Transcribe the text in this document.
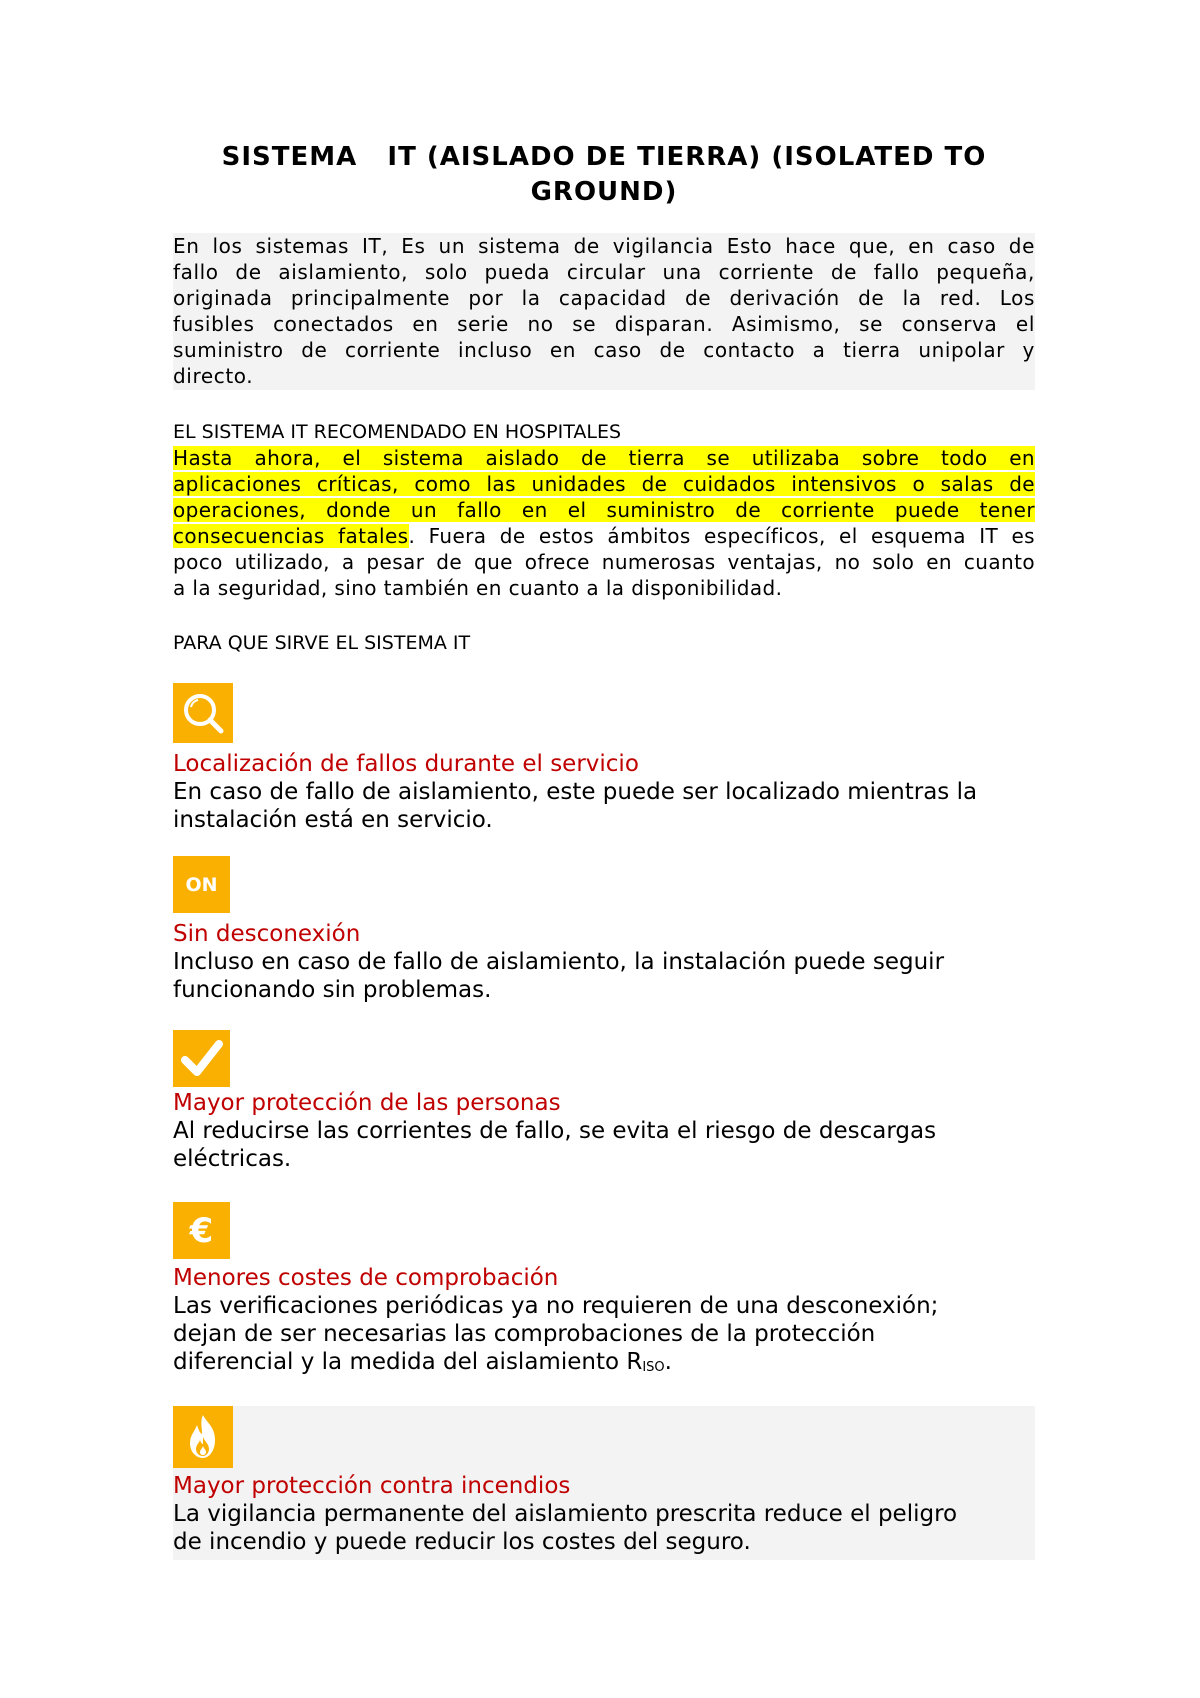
SISTEMA   IT (AISLADO DE TIERRA) (ISOLATED TO
GROUND)
En los sistemas IT, Es un sistema de vigilancia Esto hace que, en caso de
fallo de aislamiento, solo pueda circular una corriente de fallo pequeña,
originada principalmente por la capacidad de derivación de la red. Los
fusibles conectados en serie no se disparan. Asimismo, se conserva el
suministro de corriente incluso en caso de contacto a tierra unipolar y
directo.
EL SISTEMA IT RECOMENDADO EN HOSPITALES
Hasta ahora, el sistema aislado de tierra se utilizaba sobre todo en
aplicaciones críticas, como las unidades de cuidados intensivos o salas de
operaciones, donde un fallo en el suministro de corriente puede tener
consecuencias fatales. Fuera de estos ámbitos específicos, el esquema IT es
poco utilizado, a pesar de que ofrece numerosas ventajas, no solo en cuanto
a la seguridad, sino también en cuanto a la disponibilidad.
PARA QUE SIRVE EL SISTEMA IT
Localización de fallos durante el servicio
En caso de fallo de aislamiento, este puede ser localizado mientras la
instalación está en servicio.
ON
Sin desconexión
Incluso en caso de fallo de aislamiento, la instalación puede seguir
funcionando sin problemas.
Mayor protección de las personas
Al reducirse las corrientes de fallo, se evita el riesgo de descargas
eléctricas.
€
Menores costes de comprobación
Las verificaciones periódicas ya no requieren de una desconexión;
dejan de ser necesarias las comprobaciones de la protección
diferencial y la medida del aislamiento $R_{ISO}$.
Mayor protección contra incendios
La vigilancia permanente del aislamiento prescrita reduce el peligro
de incendio y puede reducir los costes del seguro.
